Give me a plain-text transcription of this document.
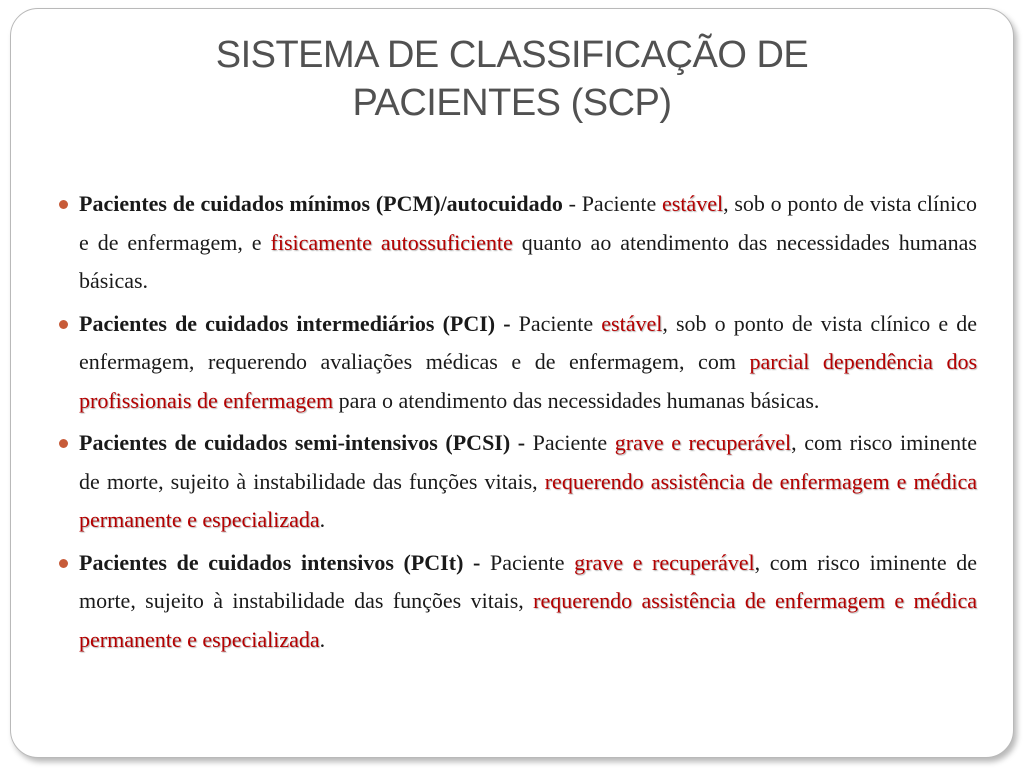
SISTEMA DE CLASSIFICAÇÃO DE
PACIENTES (SCP)
Pacientes de cuidados mínimos (PCM)/autocuidado - Paciente estável, sob o ponto de vista clínico e de enfermagem, e fisicamente autossuficiente quanto ao atendimento das necessidades humanas básicas.
Pacientes de cuidados intermediários (PCI) - Paciente estável, sob o ponto de vista clínico e de enfermagem, requerendo avaliações médicas e de enfermagem, com parcial dependência dos profissionais de enfermagem para o atendimento das necessidades humanas básicas.
Pacientes de cuidados semi-intensivos (PCSI) - Paciente grave e recuperável, com risco iminente de morte, sujeito à instabilidade das funções vitais, requerendo assistência de enfermagem e médica permanente e especializada.
Pacientes de cuidados intensivos (PCIt) - Paciente grave e recuperável, com risco iminente de morte, sujeito à instabilidade das funções vitais, requerendo assistência de enfermagem e médica permanente e especializada.
